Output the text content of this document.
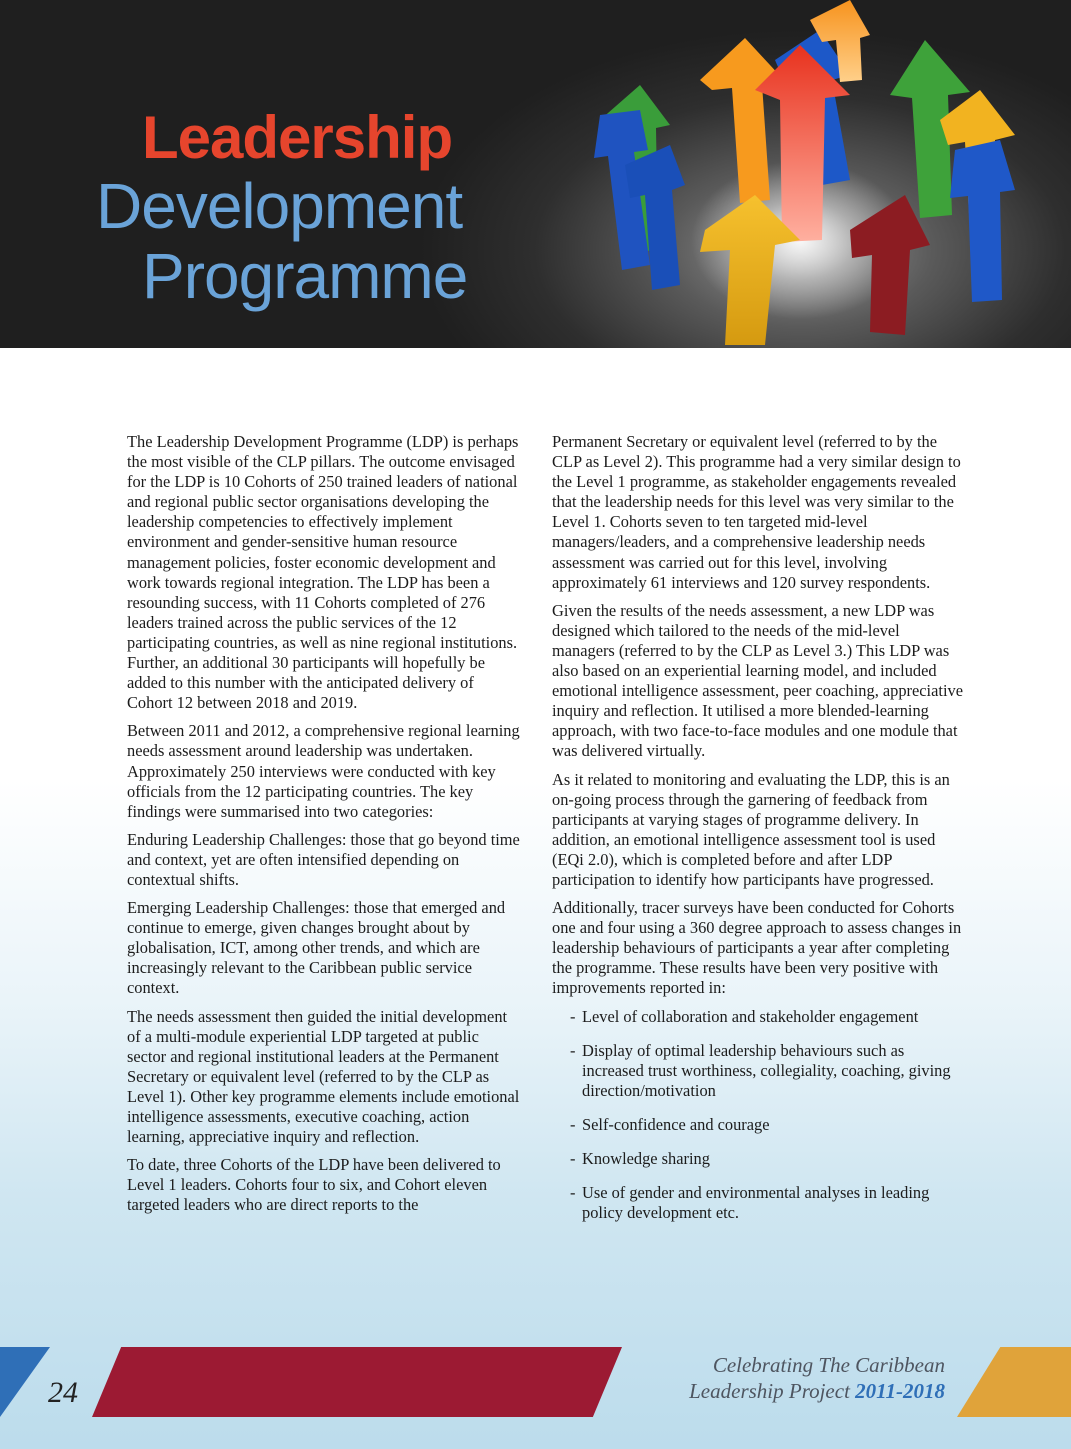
Leadership
Development
Programme

The Leadership Development Programme (LDP) is perhaps the most visible of the CLP pillars. The outcome envisaged for the LDP is 10 Cohorts of 250 trained leaders of national and regional public sector organisations developing the leadership competencies to effectively implement environment and gender-sensitive human resource management policies, foster economic development and work towards regional integration. The LDP has been a resounding success, with 11 Cohorts completed of 276 leaders trained across the public services of the 12 participating countries, as well as nine regional institutions. Further, an additional 30 participants will hopefully be added to this number with the anticipated delivery of Cohort 12 between 2018 and 2019.

Between 2011 and 2012, a comprehensive regional learning needs assessment around leadership was undertaken. Approximately 250 interviews were conducted with key officials from the 12 participating countries. The key findings were summarised into two categories:

Enduring Leadership Challenges: those that go beyond time and context, yet are often intensified depending on contextual shifts.

Emerging Leadership Challenges: those that emerged and continue to emerge, given changes brought about by globalisation, ICT, among other trends, and which are increasingly relevant to the Caribbean public service context.

The needs assessment then guided the initial development of a multi-module experiential LDP targeted at public sector and regional institutional leaders at the Permanent Secretary or equivalent level (referred to by the CLP as Level 1). Other key programme elements include emotional intelligence assessments, executive coaching, action learning, appreciative inquiry and reflection.

To date, three Cohorts of the LDP have been delivered to Level 1 leaders. Cohorts four to six, and Cohort eleven targeted leaders who are direct reports to the

Permanent Secretary or equivalent level (referred to by the CLP as Level 2). This programme had a very similar design to the Level 1 programme, as stakeholder engagements revealed that the leadership needs for this level was very similar to the Level 1. Cohorts seven to ten targeted mid-level managers/leaders, and a comprehensive leadership needs assessment was carried out for this level, involving approximately 61 interviews and 120 survey respondents.

Given the results of the needs assessment, a new LDP was designed which tailored to the needs of the mid-level managers (referred to by the CLP as Level 3.) This LDP was also based on an experiential learning model, and included emotional intelligence assessment, peer coaching, appreciative inquiry and reflection. It utilised a more blended-learning approach, with two face-to-face modules and one module that was delivered virtually.

As it related to monitoring and evaluating the LDP, this is an on-going process through the garnering of feedback from participants at varying stages of programme delivery. In addition, an emotional intelligence assessment tool is used (EQi 2.0), which is completed before and after LDP participation to identify how participants have progressed.

Additionally, tracer surveys have been conducted for Cohorts one and four using a 360 degree approach to assess changes in leadership behaviours of participants a year after completing the programme. These results have been very positive with improvements reported in:

- Level of collaboration and stakeholder engagement
- Display of optimal leadership behaviours such as increased trust worthiness, collegiality, coaching, giving direction/motivation
- Self-confidence and courage
- Knowledge sharing
- Use of gender and environmental analyses in leading policy development etc.
24
Celebrating The Caribbean
Leadership Project 2011-2018
